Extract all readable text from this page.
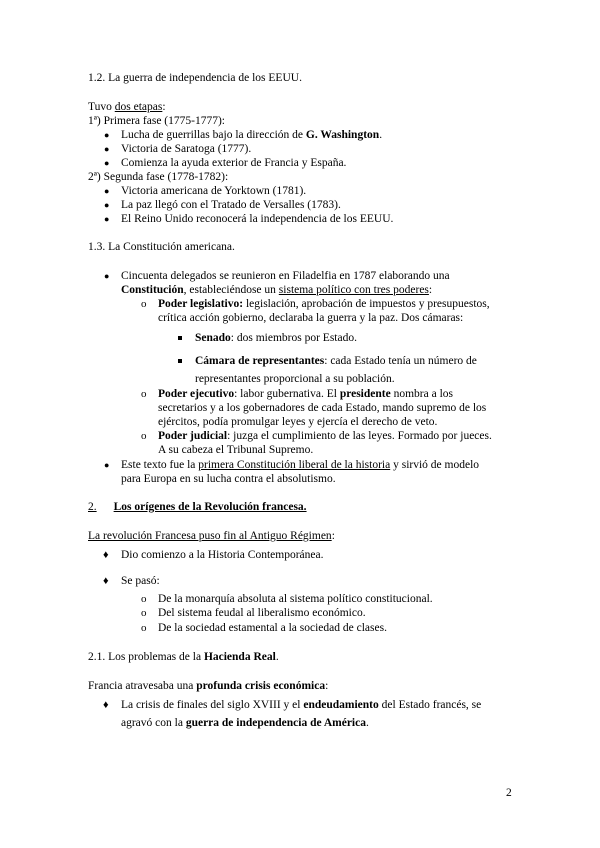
1.2. La guerra de independencia de los EEUU.
Tuvo dos etapas:
1ª) Primera fase (1775-1777):
● Lucha de guerrillas bajo la dirección de G. Washington.
● Victoria de Saratoga (1777).
● Comienza la ayuda exterior de Francia y España.
2ª) Segunda fase (1778-1782):
● Victoria americana de Yorktown (1781).
● La paz llegó con el Tratado de Versalles (1783).
● El Reino Unido reconocerá la independencia de los EEUU.
1.3. La Constitución americana.
● Cincuenta delegados se reunieron en Filadelfia en 1787 elaborando una
Constitución, estableciéndose un sistema político con tres poderes:
o Poder legislativo: legislación, aprobación de impuestos y presupuestos,
crítica acción gobierno, declaraba la guerra y la paz. Dos cámaras:
Senado: dos miembros por Estado.
Cámara de representantes: cada Estado tenía un número de
representantes proporcional a su población.
o Poder ejecutivo: labor gubernativa. El presidente nombra a los
secretarios y a los gobernadores de cada Estado, mando supremo de los
ejércitos, podía promulgar leyes y ejercía el derecho de veto.
o Poder judicial: juzga el cumplimiento de las leyes. Formado por jueces.
A su cabeza el Tribunal Supremo.
● Este texto fue la primera Constitución liberal de la historia y sirvió de modelo
para Europa en su lucha contra el absolutismo.
2. Los orígenes de la Revolución francesa.
La revolución Francesa puso fin al Antiguo Régimen:
♦ Dio comienzo a la Historia Contemporánea.
♦ Se pasó:
o De la monarquía absoluta al sistema político constitucional.
o Del sistema feudal al liberalismo económico.
o De la sociedad estamental a la sociedad de clases.
2.1. Los problemas de la Hacienda Real.
Francia atravesaba una profunda crisis económica:
♦ La crisis de finales del siglo XVIII y el endeudamiento del Estado francés, se
agravó con la guerra de independencia de América.
2
